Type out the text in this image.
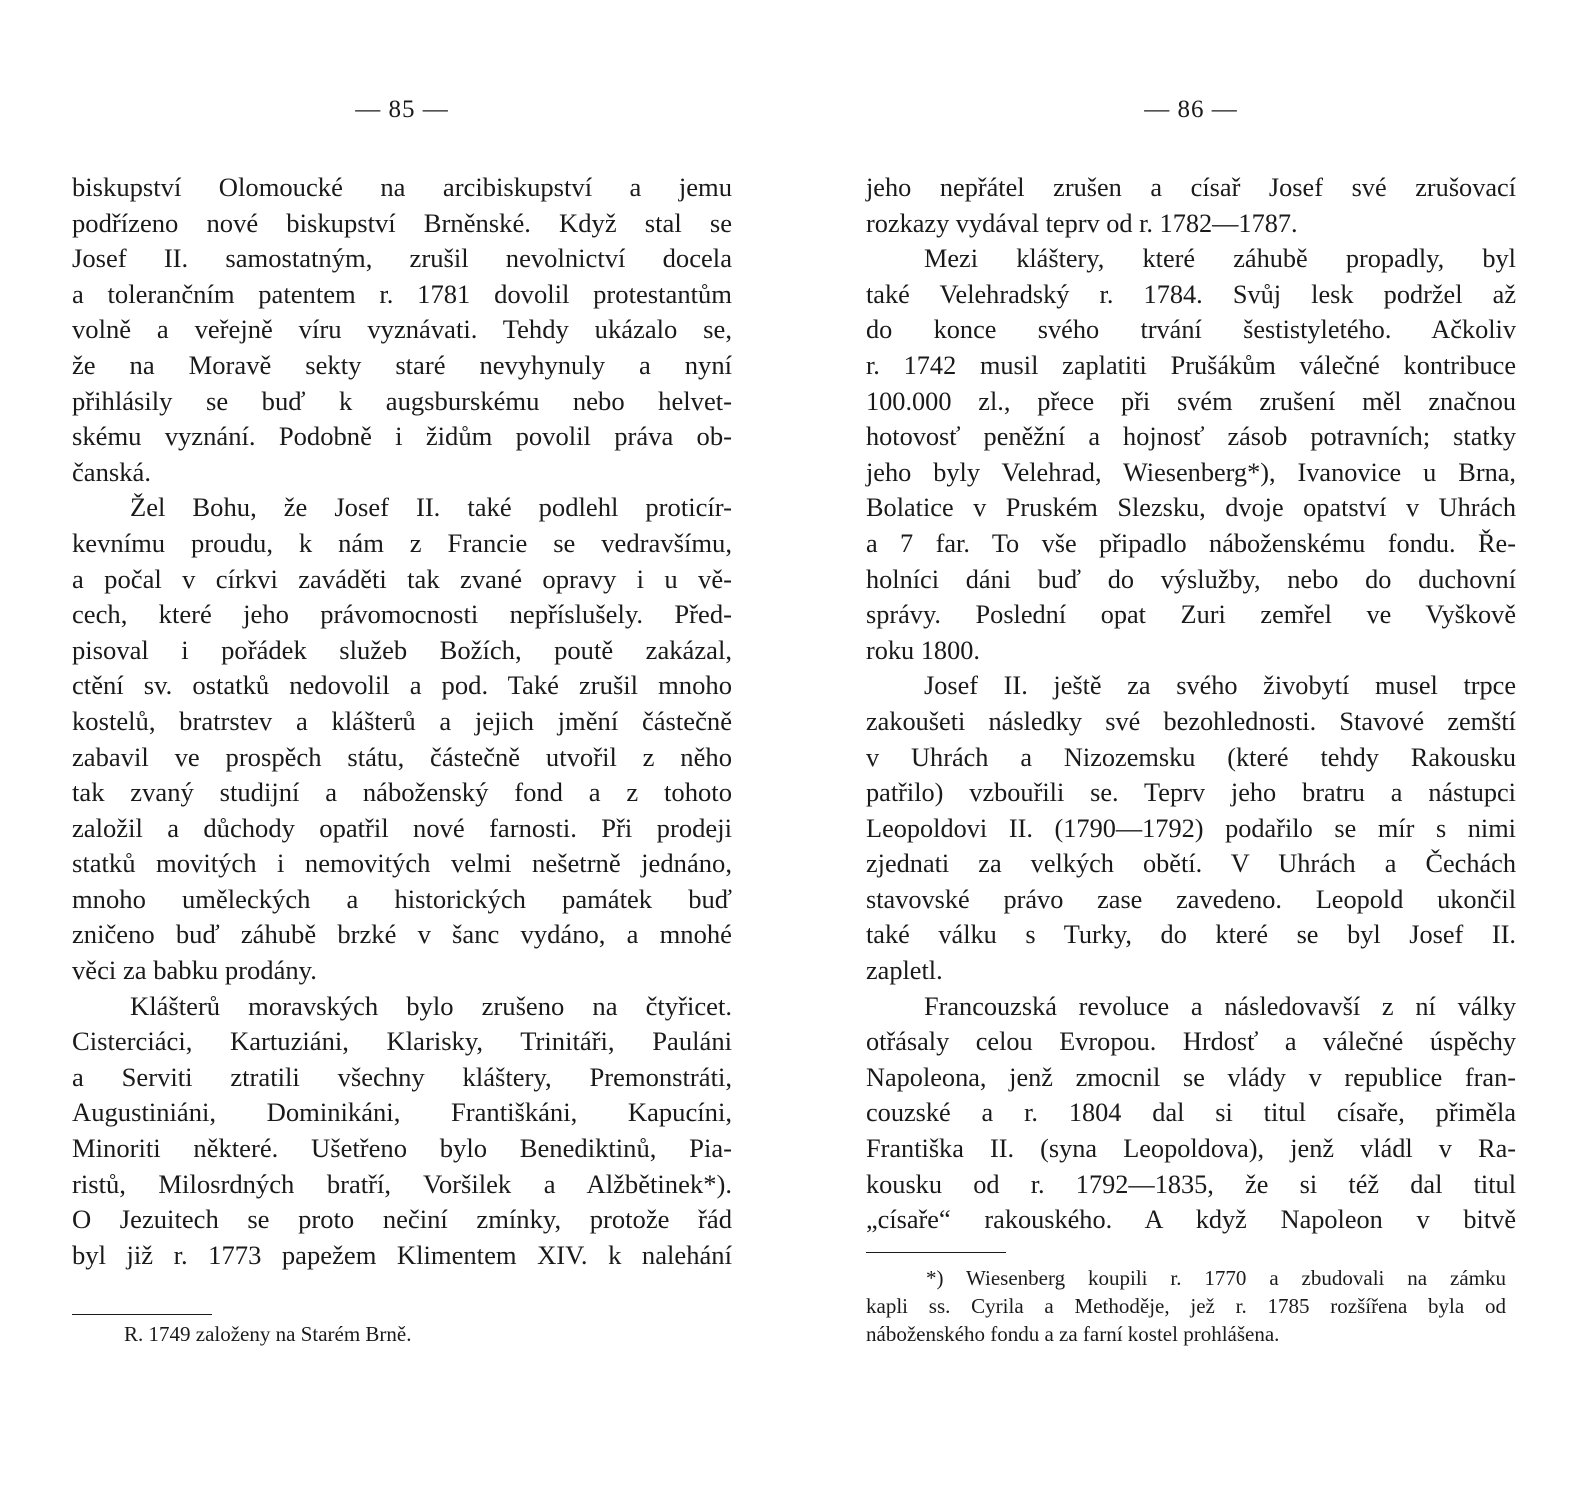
— 85 —
biskupství Olomoucké na arcibiskupství a jemu
podřízeno nové biskupství Brněnské. Když stal se
Josef II. samostatným, zrušil nevolnictví docela
a tolerančním patentem r. 1781 dovolil protestantům
volně a veřejně víru vyznávati. Tehdy ukázalo se,
že na Moravě sekty staré nevyhynuly a nyní
přihlásily se buď k augsburskému nebo helvet-
skému vyznání. Podobně i židům povolil práva ob-
čanská.
Žel Bohu, že Josef II. také podlehl proticír-
kevnímu proudu, k nám z Francie se vedravšímu,
a počal v církvi zaváděti tak zvané opravy i u vě-
cech, které jeho právomocnosti nepříslušely. Před-
pisoval i pořádek služeb Božích, poutě zakázal,
ctění sv. ostatků nedovolil a pod. Také zrušil mnoho
kostelů, bratrstev a klášterů a jejich jmění částečně
zabavil ve prospěch státu, částečně utvořil z něho
tak zvaný studijní a náboženský fond a z tohoto
založil a důchody opatřil nové farnosti. Při prodeji
statků movitých i nemovitých velmi nešetrně jednáno,
mnoho uměleckých a historických památek buď
zničeno buď záhubě brzké v šanc vydáno, a mnohé
věci za babku prodány.
Klášterů moravských bylo zrušeno na čtyřicet.
Cisterciáci, Kartuziáni, Klarisky, Trinitáři, Pauláni
a Serviti ztratili všechny kláštery, Premonstráti,
Augustiniáni, Dominikáni, Františkáni, Kapucíni,
Minoriti některé. Ušetřeno bylo Benediktinů, Pia-
ristů, Milosrdných bratří, Voršilek a Alžbětinek*).
O Jezuitech se proto nečiní zmínky, protože řád
byl již r. 1773 papežem Klimentem XIV. k nalehání
R. 1749 založeny na Starém Brně.
— 86 —
jeho nepřátel zrušen a císař Josef své zrušovací
rozkazy vydával teprv od r. 1782—1787.
Mezi kláštery, které záhubě propadly, byl
také Velehradský r. 1784. Svůj lesk podržel až
do konce svého trvání šestistyletého. Ačkoliv
r. 1742 musil zaplatiti Prušákům válečné kontribuce
100.000 zl., přece při svém zrušení měl značnou
hotovosť peněžní a hojnosť zásob potravních; statky
jeho byly Velehrad, Wiesenberg*), Ivanovice u Brna,
Bolatice v Pruském Slezsku, dvoje opatství v Uhrách
a 7 far. To vše připadlo náboženskému fondu. Ře-
holníci dáni buď do výslužby, nebo do duchovní
správy. Poslední opat Zuri zemřel ve Vyškově
roku 1800.
Josef II. ještě za svého živobytí musel trpce
zakoušeti následky své bezohlednosti. Stavové zemští
v Uhrách a Nizozemsku (které tehdy Rakousku
patřilo) vzbouřili se. Teprv jeho bratru a nástupci
Leopoldovi II. (1790—1792) podařilo se mír s nimi
zjednati za velkých obětí. V Uhrách a Čechách
stavovské právo zase zavedeno. Leopold ukončil
také válku s Turky, do které se byl Josef II.
zapletl.
Francouzská revoluce a následovavší z ní války
otřásaly celou Evropou. Hrdosť a válečné úspěchy
Napoleona, jenž zmocnil se vlády v republice fran-
couzské a r. 1804 dal si titul císaře, přiměla
Františka II. (syna Leopoldova), jenž vládl v Ra-
kousku od r. 1792—1835, že si též dal titul
„císaře“ rakouského. A když Napoleon v bitvě
*) Wiesenberg koupili r. 1770 a zbudovali na zámku
kapli ss. Cyrila a Methoděje, jež r. 1785 rozšířena byla od
náboženského fondu a za farní kostel prohlášena.
